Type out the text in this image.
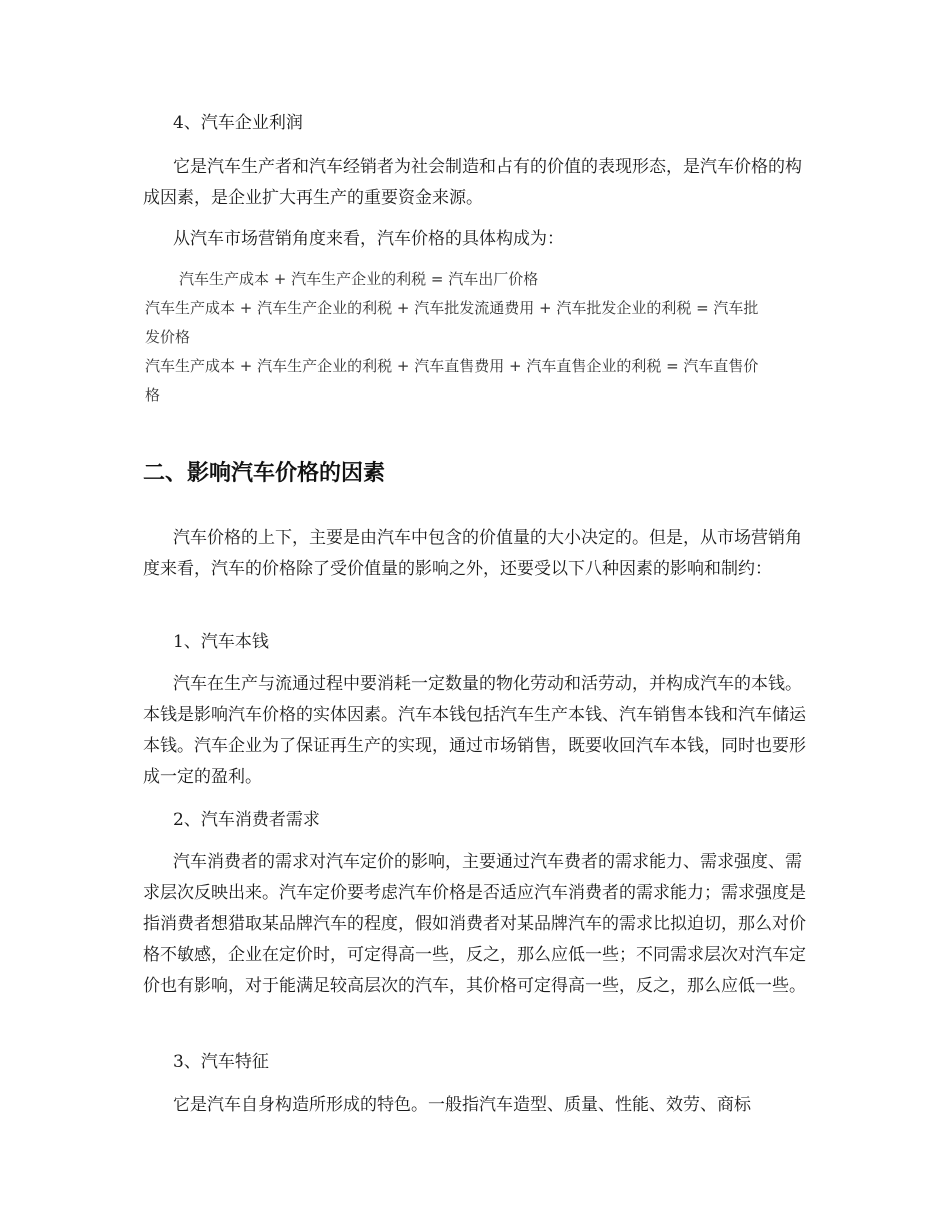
4、汽车企业利润

它是汽车生产者和汽车经销者为社会制造和占有的价值的表现形态，是汽车价格的构成因素，是企业扩大再生产的重要资金来源。

从汽车市场营销角度来看，汽车价格的具体构成为：

汽车生产成本 + 汽车生产企业的利税 = 汽车出厂价格

汽车生产成本 + 汽车生产企业的利税 + 汽车批发流通费用 + 汽车批发企业的利税 = 汽车批发价格

汽车生产成本 + 汽车生产企业的利税 + 汽车直售费用 + 汽车直售企业的利税 = 汽车直售价格

二、影响汽车价格的因素

汽车价格的上下，主要是由汽车中包含的价值量的大小决定的。但是，从市场营销角度来看，汽车的价格除了受价值量的影响之外，还要受以下八种因素的影响和制约：

1、汽车本钱

汽车在生产与流通过程中要消耗一定数量的物化劳动和活劳动，并构成汽车的本钱。本钱是影响汽车价格的实体因素。汽车本钱包括汽车生产本钱、汽车销售本钱和汽车储运本钱。汽车企业为了保证再生产的实现，通过市场销售，既要收回汽车本钱，同时也要形成一定的盈利。

2、汽车消费者需求

汽车消费者的需求对汽车定价的影响，主要通过汽车费者的需求能力、需求强度、需求层次反映出来。汽车定价要考虑汽车价格是否适应汽车消费者的需求能力；需求强度是指消费者想猎取某品牌汽车的程度，假如消费者对某品牌汽车的需求比拟迫切，那么对价格不敏感，企业在定价时，可定得高一些，反之，那么应低一些；不同需求层次对汽车定价也有影响，对于能满足较高层次的汽车，其价格可定得高一些，反之，那么应低一些。

3、汽车特征

它是汽车自身构造所形成的特色。一般指汽车造型、质量、性能、效劳、商标
